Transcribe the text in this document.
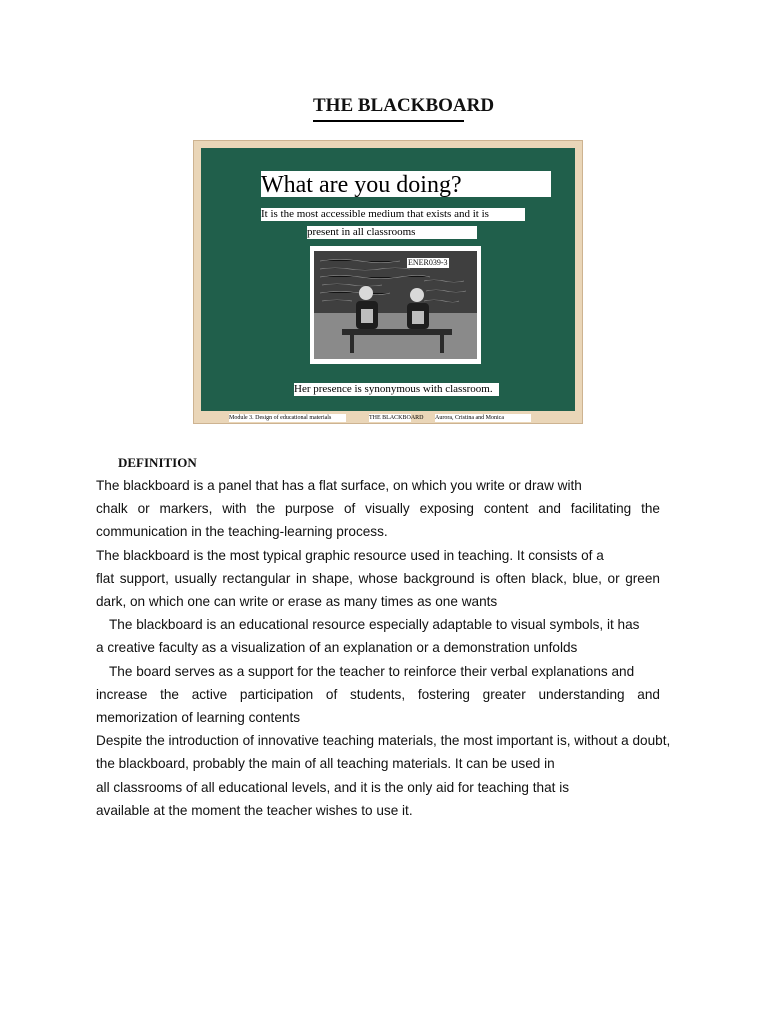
THE BLACKBOARD
What are you doing?
It is the most accessible medium that exists and it is
present in all classrooms
ENER039-3
Her presence is synonymous with classroom.
Module 3. Design of educational materials	THE BLACKBOARD Aurora, Cristina and Monica
DEFINITION
The blackboard is a panel that has a flat surface, on which you write or draw with
chalk or markers, with the purpose of visually exposing content and facilitating the
communication in the teaching-learning process.
The blackboard is the most typical graphic resource used in teaching. It consists of a
flat support, usually rectangular in shape, whose background is often black, blue, or green
dark, on which one can write or erase as many times as one wants
The blackboard is an educational resource especially adaptable to visual symbols, it has
a creative faculty as a visualization of an explanation or a demonstration unfolds
The board serves as a support for the teacher to reinforce their verbal explanations and
increase the active participation of students, fostering greater understanding and
memorization of learning contents
Despite the introduction of innovative teaching materials, the most important is, without a doubt,
the blackboard, probably the main of all teaching materials. It can be used in
all classrooms of all educational levels, and it is the only aid for teaching that is
available at the moment the teacher wishes to use it.
